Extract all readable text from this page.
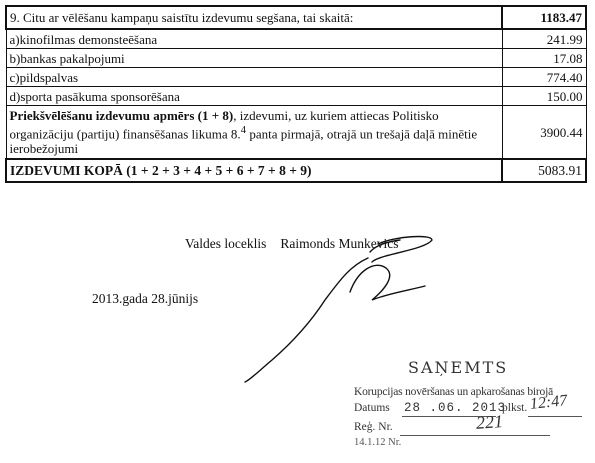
9. Citu ar vēlēšanu kampaņu saistītu izdevumu segšana, tai skaitā:	1183.47
a)kinofilmas demonsteēšana	241.99
b)bankas pakalpojumi	17.08
c)pildspalvas	774.40
d)sporta pasākuma sponsorēšana	150.00
Priekšvēlēšanu izdevumu apmērs (1 + 8), izdevumi, uz kuriem attiecas Politisko organizāciju (partiju) finansēšanas likuma 8.$^4$ panta pirmajā, otrajā un trešajā daļā minētie ierobežojumi	3900.44
IZDEVUMI KOPĀ (1 + 2 + 3 + 4 + 5 + 6 + 7 + 8 + 9)	5083.91
Valdes loceklis Raimonds Munkevics
2013.gada 28.jūnijs
SAŅEMTS
Korupcijas novēršanas un apkarošanas birojā
Datums 28 .06. 2013
plkst. 12:47
Reģ. Nr.	221
14.1.12 Nr.
